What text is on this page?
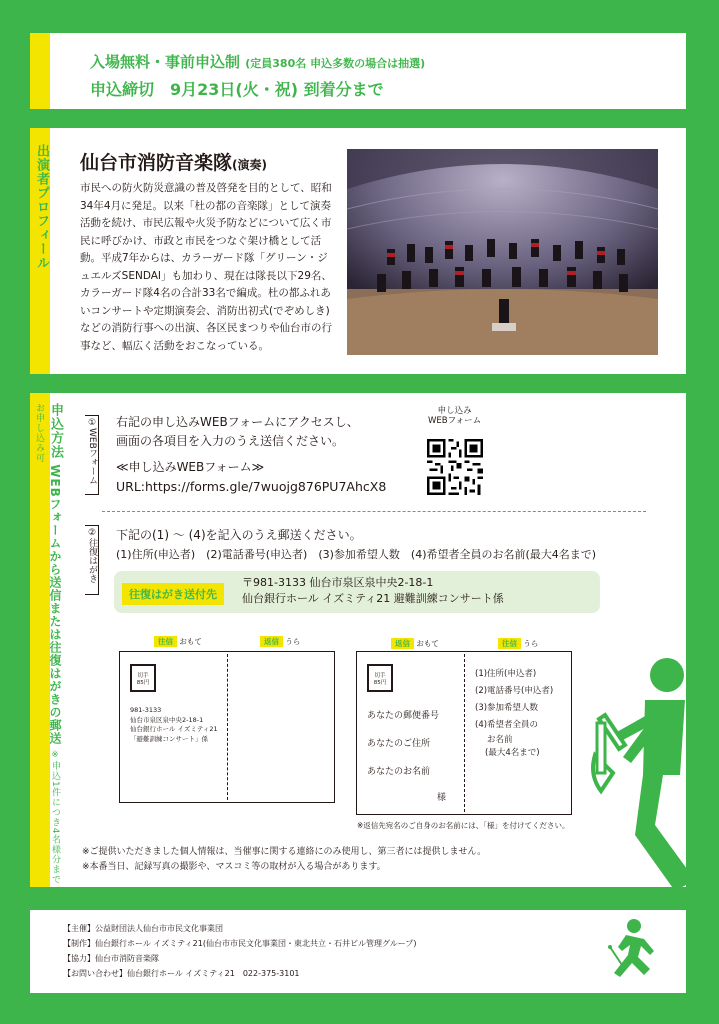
入場無料・事前申込制 (定員380名 申込多数の場合は抽選)
申込締切　9月23日(火・祝) 到着分まで
出演者プロフィール 仙台市消防音楽隊(演奏)
市民への防火防災意識の普及啓発を目的として、昭和34年4月に発足。以来「杜の都の音楽隊」として演奏活動を続け、市民広報や火災予防などについて広く市民に呼びかけ、市政と市民をつなぐ架け橋として活動。平成7年からは、カラーガード隊「グリーン・ジュエルズSENDAI」も加わり、現在は隊長以下29名、カラーガード隊4名の合計33名で編成。杜の都ふれあいコンサートや定期演奏会、消防出初式(でぞめしき)などの消防行事への出演、各区民まつりや仙台市の行事など、幅広く活動をおこなっている。
申込方法 WEBフォームから送信または往復はがきの郵送 ※申込1件につき4名様分までお申し込み可	①WEBフォーム 右記の申し込みWEBフォームにアクセスし、
画面の各項目を入力のうえ送信ください。
≪申し込みWEBフォーム≫
URL:https://forms.gle/7wuojg876PU7AhcX8
申し込み
WEBフォーム
②往復はがき 下記の(1) ～ (4)を記入のうえ郵送ください。
(1)住所(申込者)　(2)電話番号(申込者)　(3)参加希望人数　(4)希望者全員のお名前(最大4名まで)
往復はがき送付先
〒981-3133 仙台市泉区泉中央2-18-1
仙台銀行ホール イズミティ21 避難訓練コンサート係
往信 おもて	返信 うら
切手
85円
981-3133
仙台市泉区泉中央2-18-1
仙台銀行ホール イズミティ21
「避難訓練コンサート」係
返信 おもて	往信 うら
切手
85円
あなたの郵便番号
あなたのご住所
あなたのお名前
様
(1)住所(申込者)
(2)電話番号(申込者)
(3)参加希望人数
(4)希望者全員の
お名前
(最大4名まで)
※返信先宛名のご自身のお名前には、「様」を付けてください。
※ご提供いただきました個人情報は、当催事に関する連絡にのみ使用し、第三者には提供しません。
※本番当日、記録写真の撮影や、マスコミ等の取材が入る場合があります。
【主催】公益財団法人仙台市市民文化事業団
【制作】仙台銀行ホール イズミティ21(仙台市市民文化事業団・東北共立・石井ビル管理グループ)
【協力】仙台市消防音楽隊
【お問い合わせ】仙台銀行ホール イズミティ21　022-375-3101
